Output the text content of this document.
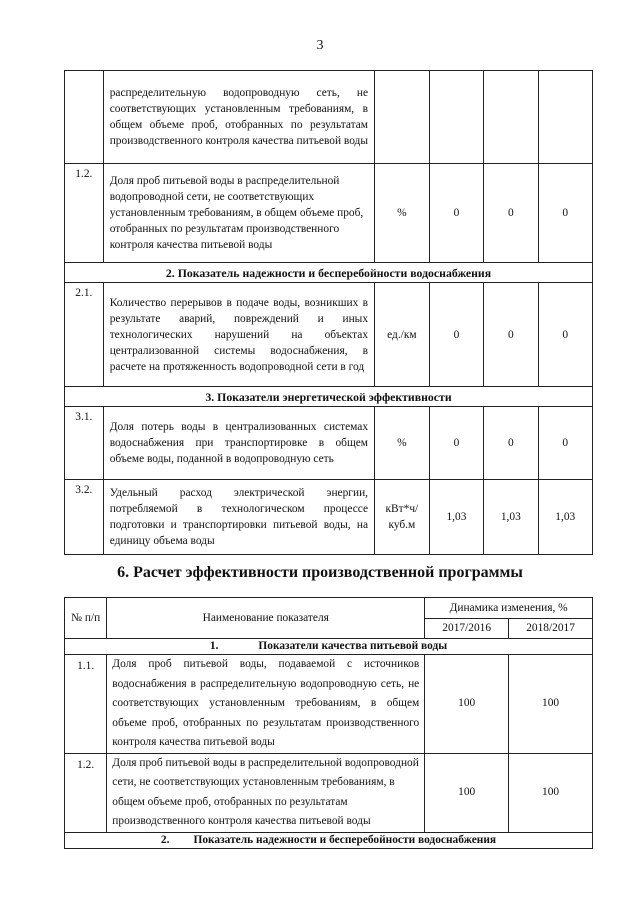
3
	распределительную водопроводную сеть, не соответствующих установленным требованиям, в общем объеме проб, отобранных по результатам производственного контроля качества питьевой воды				
1.2.	Доля проб питьевой воды в распределительной водопроводной сети, не соответствующих установленным требованиям, в общем объеме проб, отобранных по результатам производственного контроля качества питьевой воды	%	0	0	0
2. Показатель надежности и бесперебойности водоснабжения					
2.1.	Количество перерывов в подаче воды, возникших в результате аварий, повреждений и иных технологических нарушений на объектах централизованной системы водоснабжения, в расчете на протяженность водопроводной сети в год	ед./км	0	0	0
3. Показатели энергетической эффективности					
3.1.	Доля потерь воды в централизованных системах водоснабжения при транспортировке в общем объеме воды, поданной в водопроводную сеть	%	0	0	0
3.2.	Удельный расход электрической энергии, потребляемой в технологическом процессе подготовки и транспортировки питьевой воды, на единицу объема воды	кВт*ч/ куб.м	1,03	1,03	1,03
6. Расчет эффективности производственной программы
№ п/п	Наименование показателя	Динамика изменения, %	
		2017/2016	2018/2017
1. Показатели качества питьевой воды			
1.1.	Доля проб питьевой воды, подаваемой с источников водоснабжения в распределительную водопроводную сеть, не соответствующих установленным требованиям, в общем объеме проб, отобранных по результатам производственного контроля качества питьевой воды	100	100
1.2.	Доля проб питьевой воды в распределительной водопроводной сети, не соответствующих установленным требованиям, в общем объеме проб, отобранных по результатам производственного контроля качества питьевой воды	100	100
2. Показатель надежности и бесперебойности водоснабжения			
